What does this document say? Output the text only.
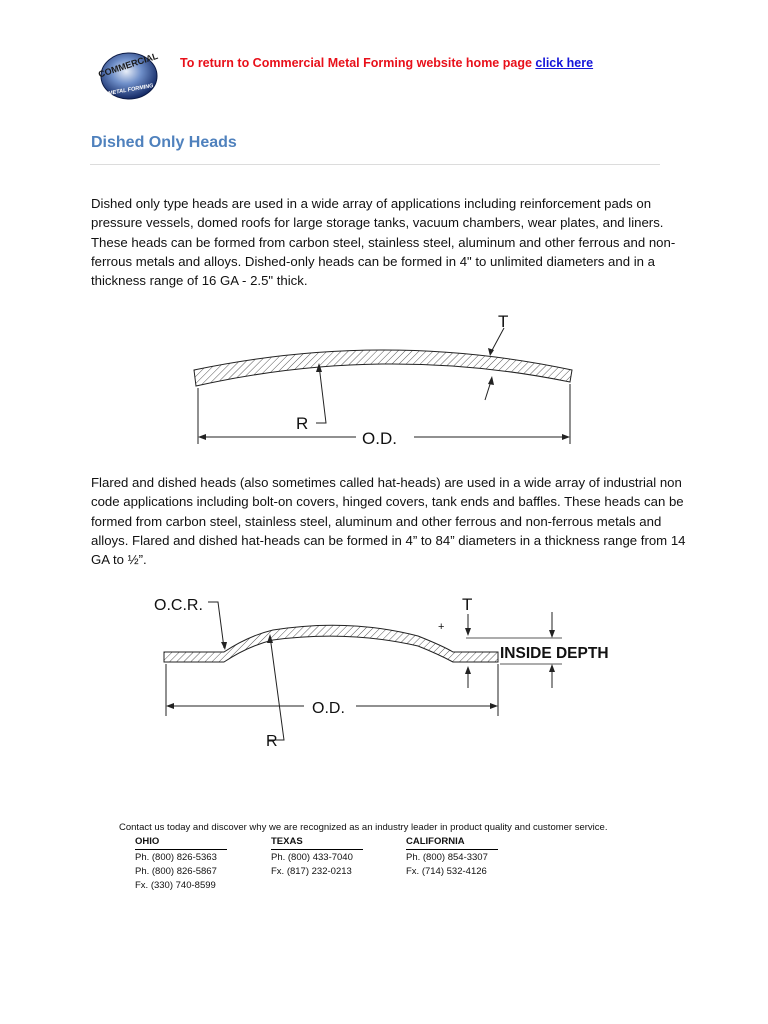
COMMERCIAL
METAL FORMING
To return to Commercial Metal Forming website home page click here
Dished Only Heads
Dished only type heads are used in a wide array of applications including reinforcement pads on pressure vessels, domed roofs for large storage tanks, vacuum chambers, wear plates, and liners. These heads can be formed from carbon steel, stainless steel, aluminum and other ferrous and non-ferrous metals and alloys. Dished-only heads can be formed in 4" to unlimited diameters and in a thickness range of 16 GA - 2.5" thick.
T
R
O.D.
Flared and dished heads (also sometimes called hat-heads) are used in a wide array of industrial non code applications including bolt-on covers, hinged covers, tank ends and baffles. These heads can be formed from carbon steel, stainless steel, aluminum and other ferrous and non-ferrous metals and alloys. Flared and dished hat-heads can be formed in 4” to 84” diameters in a thickness range from 14 GA to ½”.
O.C.R.	T
+
INSIDE DEPTH
O.D.
R
Contact us today and discover why we are recognized as an industry leader in product quality and customer service.
OHIO
Ph. (800) 826-5363
Ph. (800) 826-5867
Fx. (330) 740-8599
TEXAS
Ph. (800) 433-7040
Fx. (817) 232-0213
CALIFORNIA
Ph. (800) 854-3307
Fx. (714) 532-4126
